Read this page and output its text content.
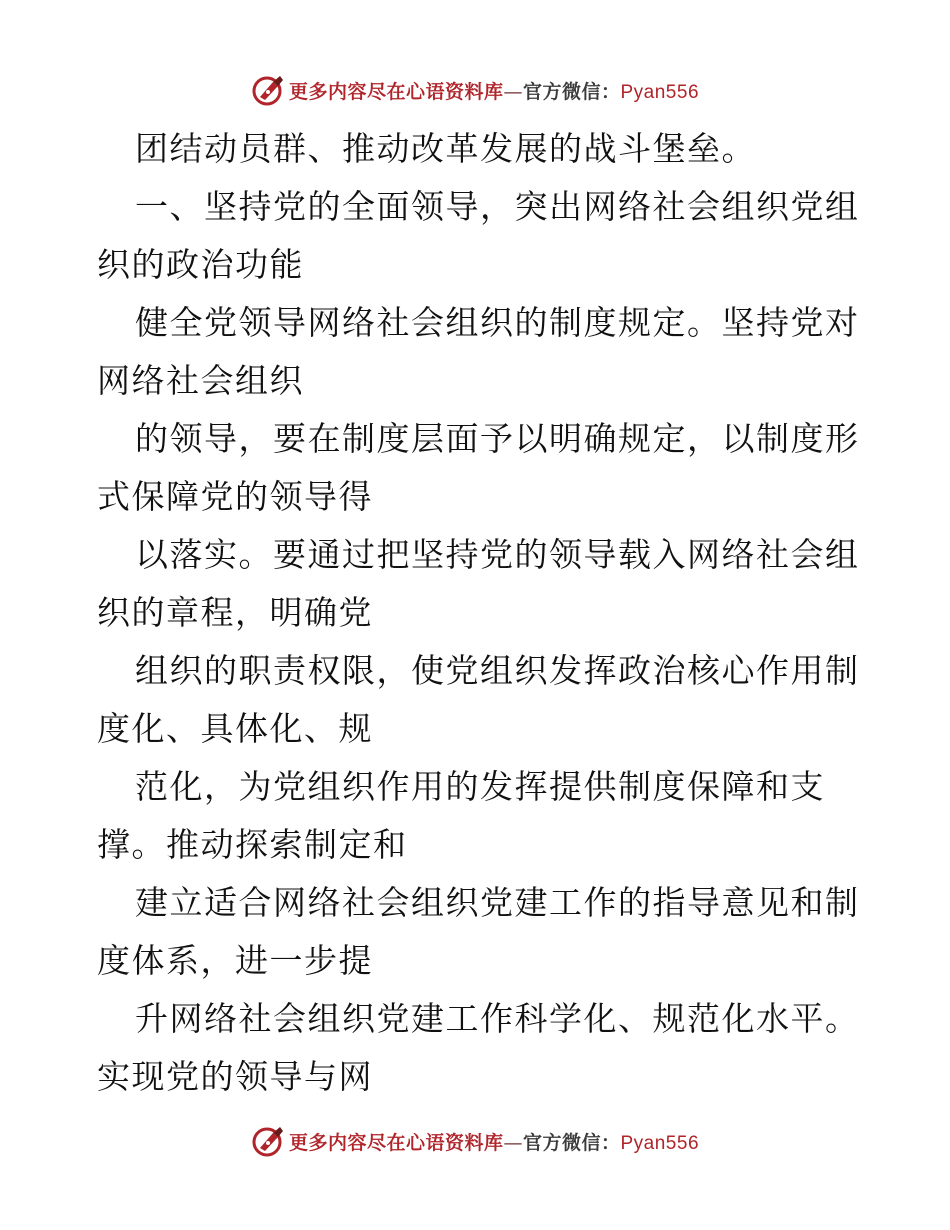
更多内容尽在心语资料库—官方微信：Pyan556
团结动员群、推动改革发展的战斗堡垒。
一、坚持党的全面领导，突出网络社会组织党组
织的政治功能
健全党领导网络社会组织的制度规定。坚持党对
网络社会组织
的领导，要在制度层面予以明确规定，以制度形
式保障党的领导得
以落实。要通过把坚持党的领导载入网络社会组
织的章程，明确党
组织的职责权限，使党组织发挥政治核心作用制
度化、具体化、规
范化，为党组织作用的发挥提供制度保障和支
撑。推动探索制定和
建立适合网络社会组织党建工作的指导意见和制
度体系，进一步提
升网络社会组织党建工作科学化、规范化水平。
实现党的领导与网
更多内容尽在心语资料库—官方微信：Pyan556
